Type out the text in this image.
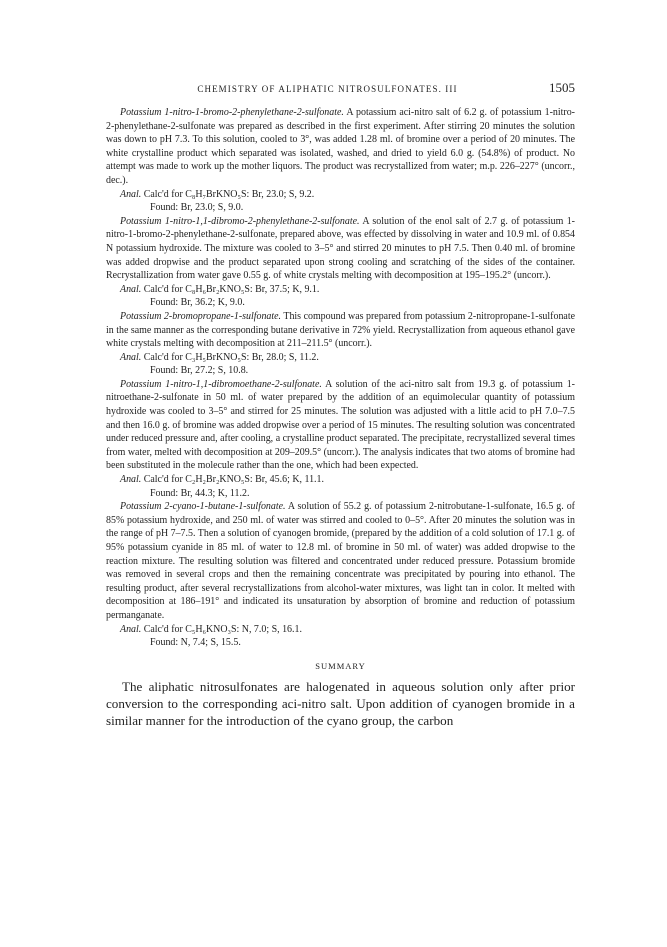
CHEMISTRY OF ALIPHATIC NITROSULFONATES. III	1505

Potassium 1-nitro-1-bromo-2-phenylethane-2-sulfonate. A potassium aci-nitro salt of 6.2 g. of potassium 1-nitro-2-phenylethane-2-sulfonate was prepared as described in the first experiment. After stirring 20 minutes the solution was down to pH 7.3. To this solution, cooled to 3°, was added 1.28 ml. of bromine over a period of 20 minutes. The white crystalline product which separated was isolated, washed, and dried to yield 6.0 g. (54.8%) of product. No attempt was made to work up the mother liquors. The product was recrystallized from water; m.p. 226–227° (uncorr., dec.).

Anal. Calc'd for C₈H₇BrKNO₅S: Br, 23.0; S, 9.2.

Found: Br, 23.0; S, 9.0.

Potassium 1-nitro-1,1-dibromo-2-phenylethane-2-sulfonate. A solution of the enol salt of 2.7 g. of potassium 1-nitro-1-bromo-2-phenylethane-2-sulfonate, prepared above, was effected by dissolving in water and 10.9 ml. of 0.854 N potassium hydroxide. The mixture was cooled to 3–5° and stirred 20 minutes to pH 7.5. Then 0.40 ml. of bromine was added dropwise and the product separated upon strong cooling and scratching of the sides of the container. Recrystallization from water gave 0.55 g. of white crystals melting with decomposition at 195–195.2° (uncorr.).

Anal. Calc'd for C₈H₆Br₂KNO₅S: Br, 37.5; K, 9.1.

Found: Br, 36.2; K, 9.0.

Potassium 2-bromopropane-1-sulfonate. This compound was prepared from potassium 2-nitropropane-1-sulfonate in the same manner as the corresponding butane derivative in 72% yield. Recrystallization from aqueous ethanol gave white crystals melting with decomposition at 211–211.5° (uncorr.).

Anal. Calc'd for C₃H₅BrKNO₅S: Br, 28.0; S, 11.2.

Found: Br, 27.2; S, 10.8.

Potassium 1-nitro-1,1-dibromoethane-2-sulfonate. A solution of the aci-nitro salt from 19.3 g. of potassium 1-nitroethane-2-sulfonate in 50 ml. of water prepared by the addition of an equimolecular quantity of potassium hydroxide was cooled to 3–5° and stirred for 25 minutes. The solution was adjusted with a little acid to pH 7.0–7.5 and then 16.0 g. of bromine was added dropwise over a period of 15 minutes. The resulting solution was concentrated under reduced pressure and, after cooling, a crystalline product separated. The precipitate, recrystallized several times from water, melted with decomposition at 209–209.5° (uncorr.). The analysis indicates that two atoms of bromine had been substituted in the molecule rather than the one, which had been expected.

Anal. Calc'd for C₂H₂Br₂KNO₅S: Br, 45.6; K, 11.1.

Found: Br, 44.3; K, 11.2.

Potassium 2-cyano-1-butane-1-sulfonate. A solution of 55.2 g. of potassium 2-nitrobutane-1-sulfonate, 16.5 g. of 85% potassium hydroxide, and 250 ml. of water was stirred and cooled to 0–5°. After 20 minutes the solution was in the range of pH 7–7.5. Then a solution of cyanogen bromide, (prepared by the addition of a cold solution of 17.1 g. of 95% potassium cyanide in 85 ml. of water to 12.8 ml. of bromine in 50 ml. of water) was added dropwise to the reaction mixture. The resulting solution was filtered and concentrated under reduced pressure. Potassium bromide was removed in several crops and then the remaining concentrate was precipitated by pouring into ethanol. The resulting product, after several recrystallizations from alcohol-water mixtures, was light tan in color. It melted with decomposition at 186–191° and indicated its unsaturation by absorption of bromine and reduction of potassium permanganate.

Anal. Calc'd for C₅H₆KNO₃S: N, 7.0; S, 16.1.

Found: N, 7.4; S, 15.5.

SUMMARY

The aliphatic nitrosulfonates are halogenated in aqueous solution only after prior conversion to the corresponding aci-nitro salt. Upon addition of cyanogen bromide in a similar manner for the introduction of the cyano group, the carbon
